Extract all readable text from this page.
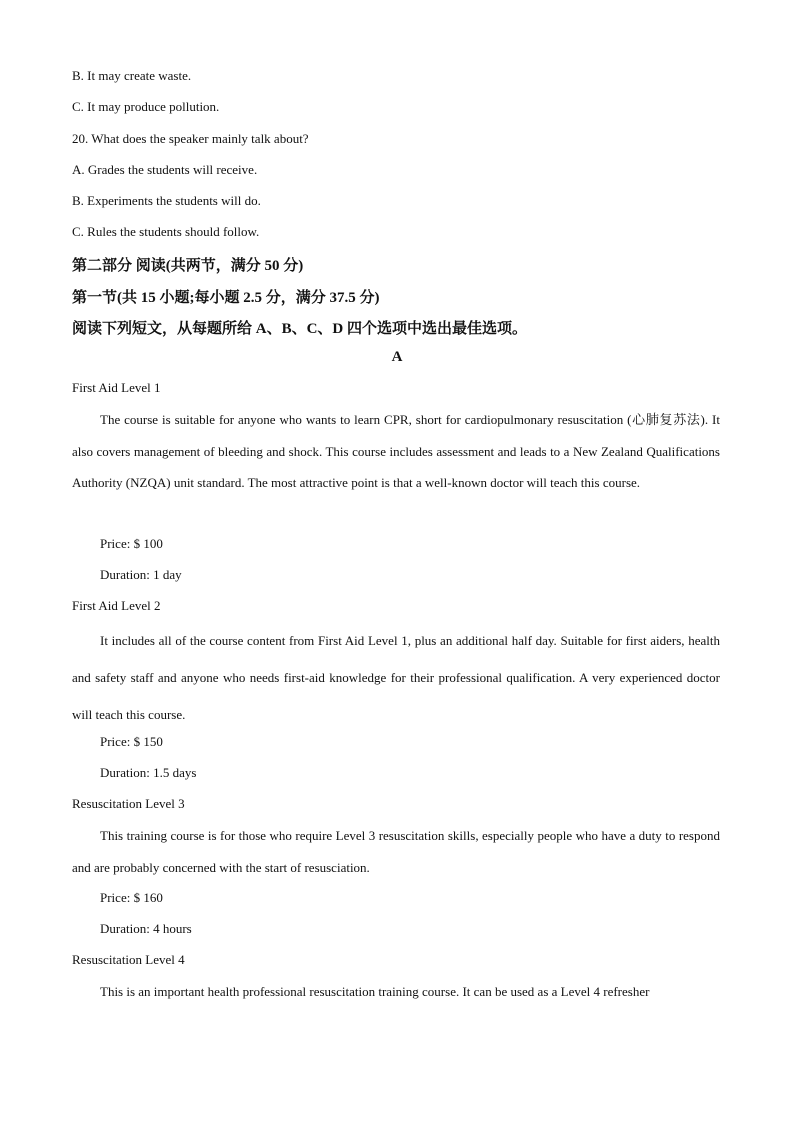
B. It may create waste.
C. It may produce pollution.
20. What does the speaker mainly talk about?
A. Grades the students will receive.
B. Experiments the students will do.
C. Rules the students should follow.
第二部分 阅读(共两节，满分 50 分)
第一节(共 15 小题;每小题 2.5 分，满分 37.5 分)
阅读下列短文，从每题所给 A、B、C、D 四个选项中选出最佳选项。
A
First Aid Level 1

The course is suitable for anyone who wants to learn CPR, short for cardiopulmonary resuscitation (心肺复苏法). It also covers management of bleeding and shock. This course includes assessment and leads to a New Zealand Qualifications Authority (NZQA) unit standard. The most attractive point is that a well-known doctor will teach this course.

Price: $ 100
Duration: 1 day
First Aid Level 2

It includes all of the course content from First Aid Level 1, plus an additional half day. Suitable for first aiders, health and safety staff and anyone who needs first-aid knowledge for their professional qualification. A very experienced doctor will teach this course.

Price: $ 150
Duration: 1.5 days
Resuscitation Level 3

This training course is for those who require Level 3 resuscitation skills, especially people who have a duty to respond and are probably concerned with the start of resusciation.

Price: $ 160
Duration: 4 hours
Resuscitation Level 4

This is an important health professional resuscitation training course. It can be used as a Level 4 refresher
